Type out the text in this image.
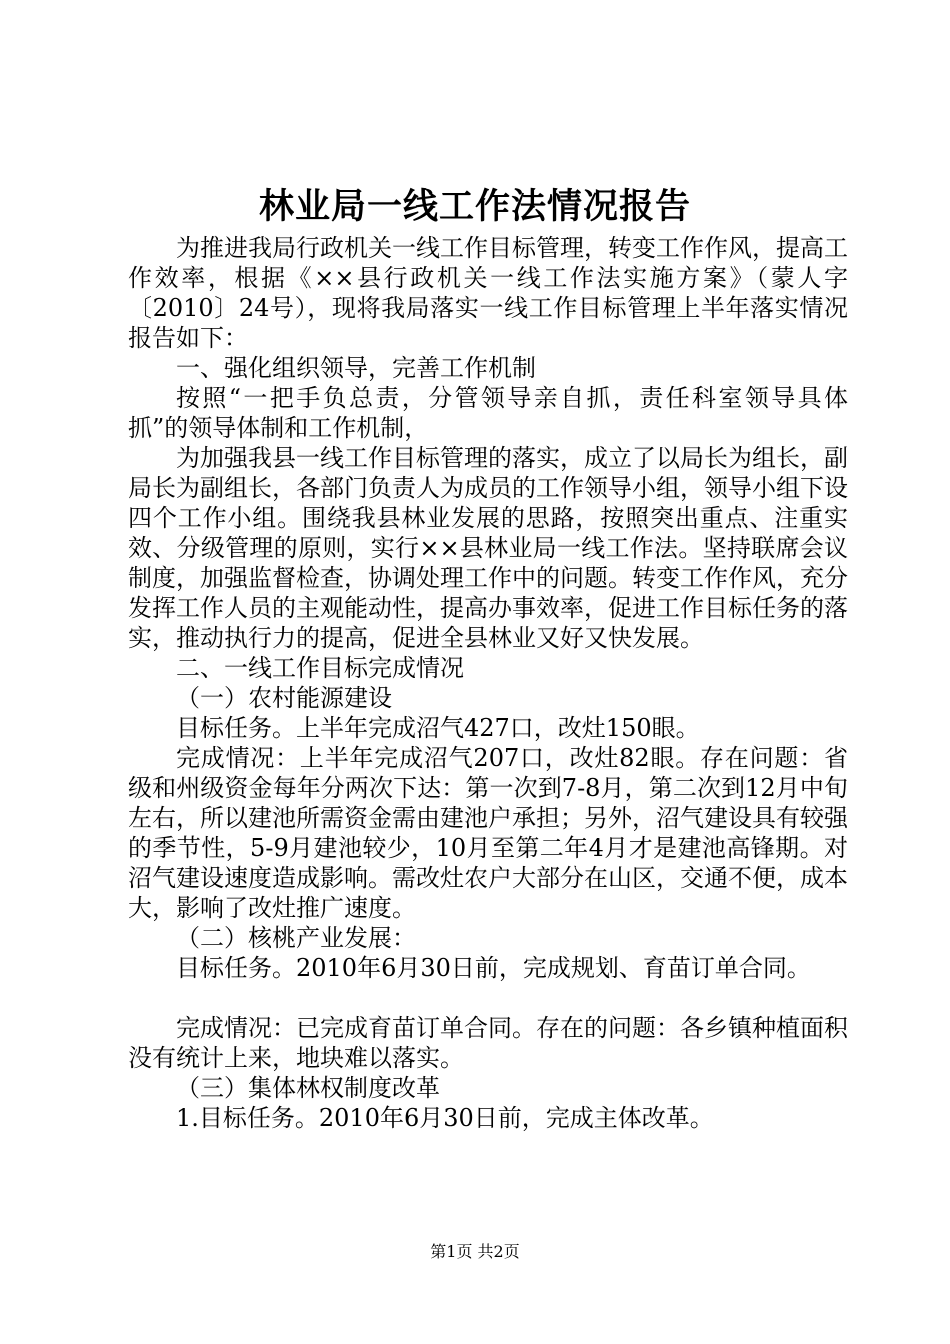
林业局一线工作法情况报告

为推进我局行政机关一线工作目标管理，转变工作作风，提高工作效率，根据《××县行政机关一线工作法实施方案》（蒙人字〔2010〕24号），现将我局落实一线工作目标管理上半年落实情况报告如下：

一、强化组织领导，完善工作机制

按照“一把手负总责，分管领导亲自抓，责任科室领导具体抓”的领导体制和工作机制，

为加强我县一线工作目标管理的落实，成立了以局长为组长，副局长为副组长，各部门负责人为成员的工作领导小组，领导小组下设四个工作小组。围绕我县林业发展的思路，按照突出重点、注重实效、分级管理的原则，实行××县林业局一线工作法。坚持联席会议制度，加强监督检查，协调处理工作中的问题。转变工作作风，充分发挥工作人员的主观能动性，提高办事效率，促进工作目标任务的落实，推动执行力的提高，促进全县林业又好又快发展。

二、一线工作目标完成情况

（一）农村能源建设

目标任务。上半年完成沼气427口，改灶150眼。

完成情况：上半年完成沼气207口，改灶82眼。存在问题：省级和州级资金每年分两次下达：第一次到7-8月，第二次到12月中旬左右，所以建池所需资金需由建池户承担；另外，沼气建设具有较强的季节性，5-9月建池较少，10月至第二年4月才是建池高锋期。对沼气建设速度造成影响。需改灶农户大部分在山区，交通不便，成本大，影响了改灶推广速度。

（二）核桃产业发展：

目标任务。2010年6月30日前，完成规划、育苗订单合同。

完成情况：已完成育苗订单合同。存在的问题：各乡镇种植面积没有统计上来，地块难以落实。

（三）集体林权制度改革

1.目标任务。2010年6月30日前，完成主体改革。

第1页 共2页
